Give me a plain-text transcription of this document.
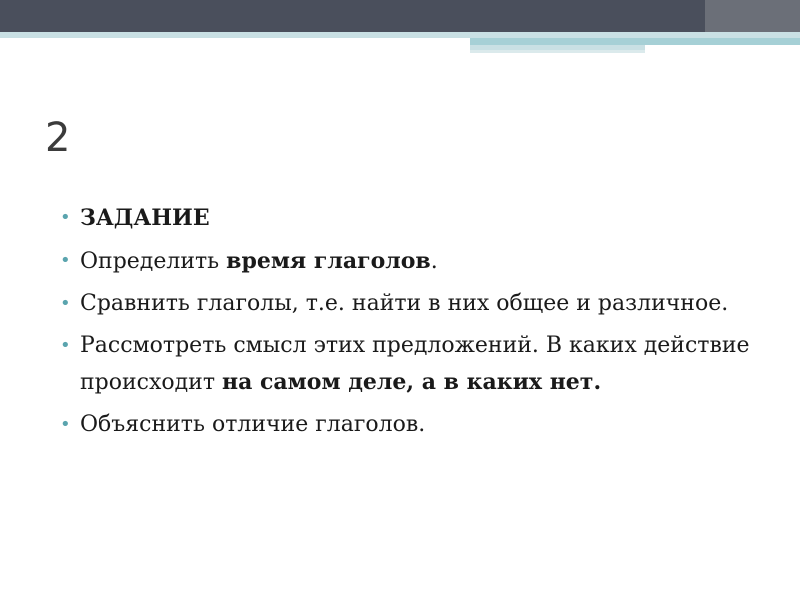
2
• ЗАДАНИЕ
• Определить время глаголов.
• Сравнить глаголы, т.е. найти в них общее и различное.
• Рассмотреть смысл этих предложений. В каких действие происходит на самом деле, а в каких нет.
• Объяснить отличие глаголов.
